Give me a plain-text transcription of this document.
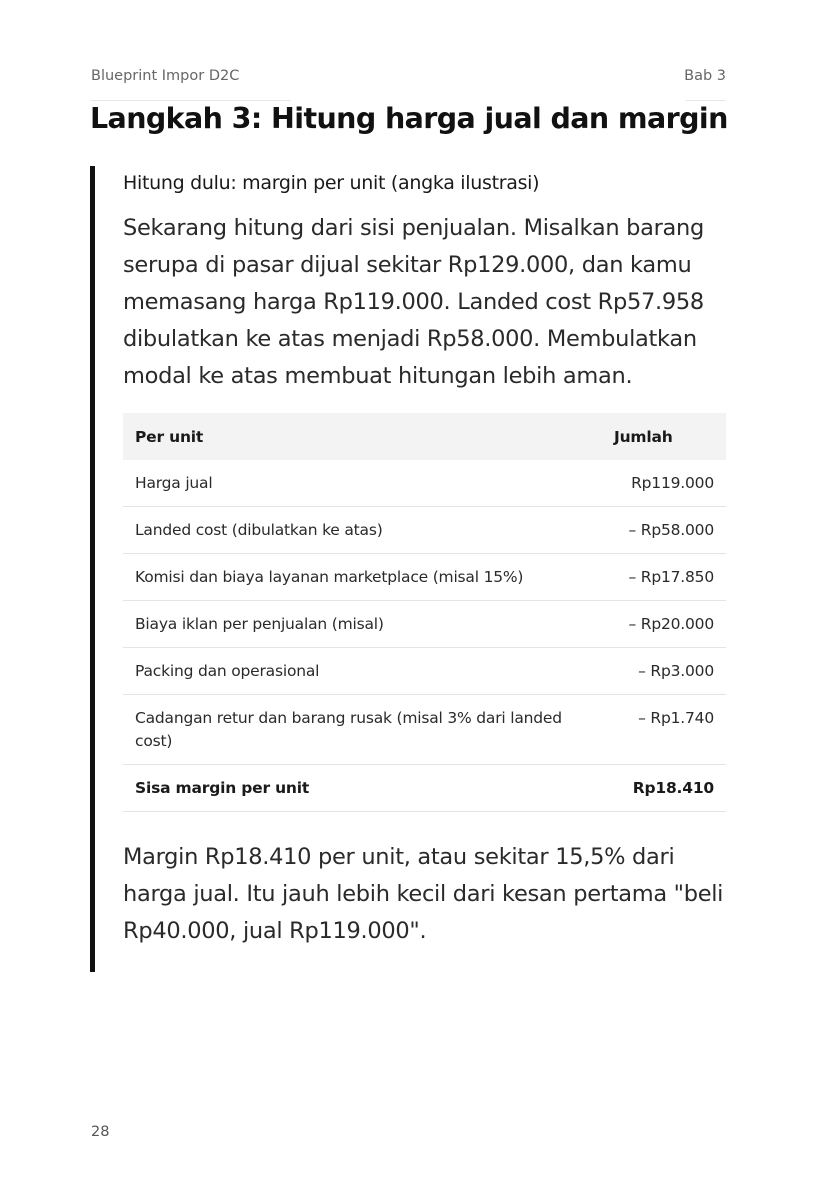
Blueprint Impor D2C	Bab 3
Langkah 3: Hitung harga jual dan margin
Hitung dulu: margin per unit (angka ilustrasi)

Sekarang hitung dari sisi penjualan. Misalkan barang serupa di pasar dijual sekitar Rp129.000, dan kamu memasang harga Rp119.000. Landed cost Rp57.958 dibulatkan ke atas menjadi Rp58.000. Membulatkan modal ke atas membuat hitungan lebih aman.

Per unit	Jumlah
Harga jual	Rp119.000
Landed cost (dibulatkan ke atas)	– Rp58.000
Komisi dan biaya layanan marketplace (misal 15%)	– Rp17.850
Biaya iklan per penjualan (misal)	– Rp20.000
Packing dan operasional	– Rp3.000
Cadangan retur dan barang rusak (misal 3% dari landed cost)	– Rp1.740
Sisa margin per unit	Rp18.410

Margin Rp18.410 per unit, atau sekitar 15,5% dari harga jual. Itu jauh lebih kecil dari kesan pertama "beli Rp40.000, jual Rp119.000".

28
